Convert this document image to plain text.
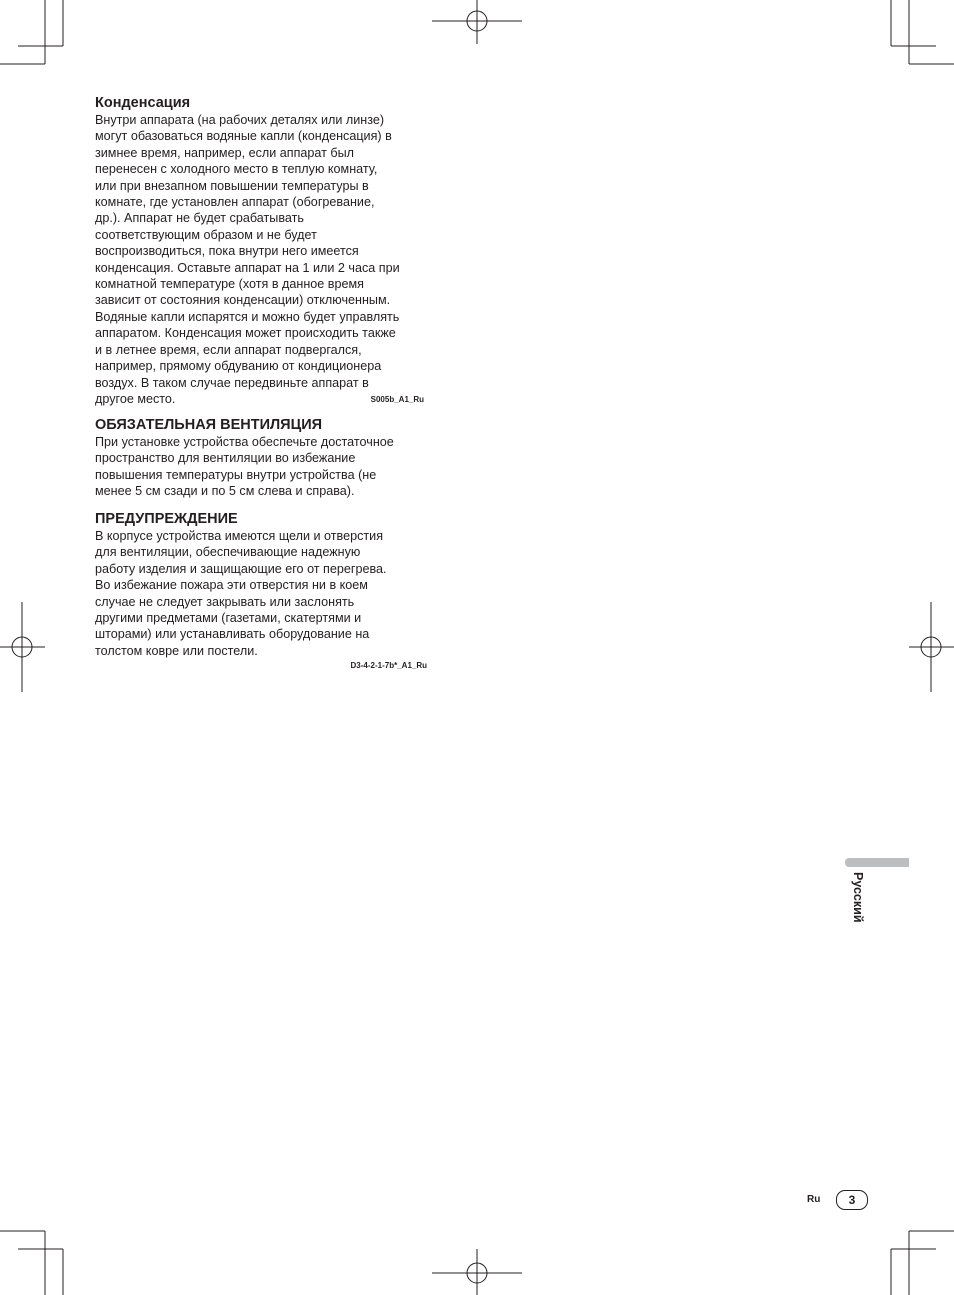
Конденсация

Внутри аппарата (на рабочих деталях или линзе)
могут обазоваться водяные капли (конденсация) в
зимнее время, например, если аппарат был
перенесен с холодного место в теплую комнату,
или при внезапном повышении температуры в
комнате, где установлен аппарат (обогревание,
др.). Аппарат не будет срабатывать
соответствующим образом и не будет
воспроизводиться, пока внутри него имеется
конденсация. Оставьте аппарат на 1 или 2 часа при
комнатной температуре (хотя в данное время
зависит от состояния конденсации) отключенным.
Водяные капли испарятся и можно будет управлять
аппаратом. Конденсация может происходить также
и в летнее время, если аппарат подвергался,
например, прямому обдуванию от кондиционера
воздух. В таком случае передвиньте аппарат в
другое место.	S005b_A1_Ru
ОБЯЗАТЕЛЬНАЯ ВЕНТИЛЯЦИЯ

При установке устройства обеспечьте достаточное
пространство для вентиляции во избежание
повышения температуры внутри устройства (не
менее 5 см сзади и по 5 см слева и справа).

ПРЕДУПРЕЖДЕНИЕ

В корпусе устройства имеются щели и отверстия
для вентиляции, обеспечивающие надежную
работу изделия и защищающие его от перегрева.
Во избежание пожара эти отверстия ни в коем
случае не следует закрывать или заслонять
другими предметами (газетами, скатертями и
шторами) или устанавливать оборудование на
толстом ковре или постели.

D3-4-2-1-7b*_A1_Ru
Русский
Ru	3
